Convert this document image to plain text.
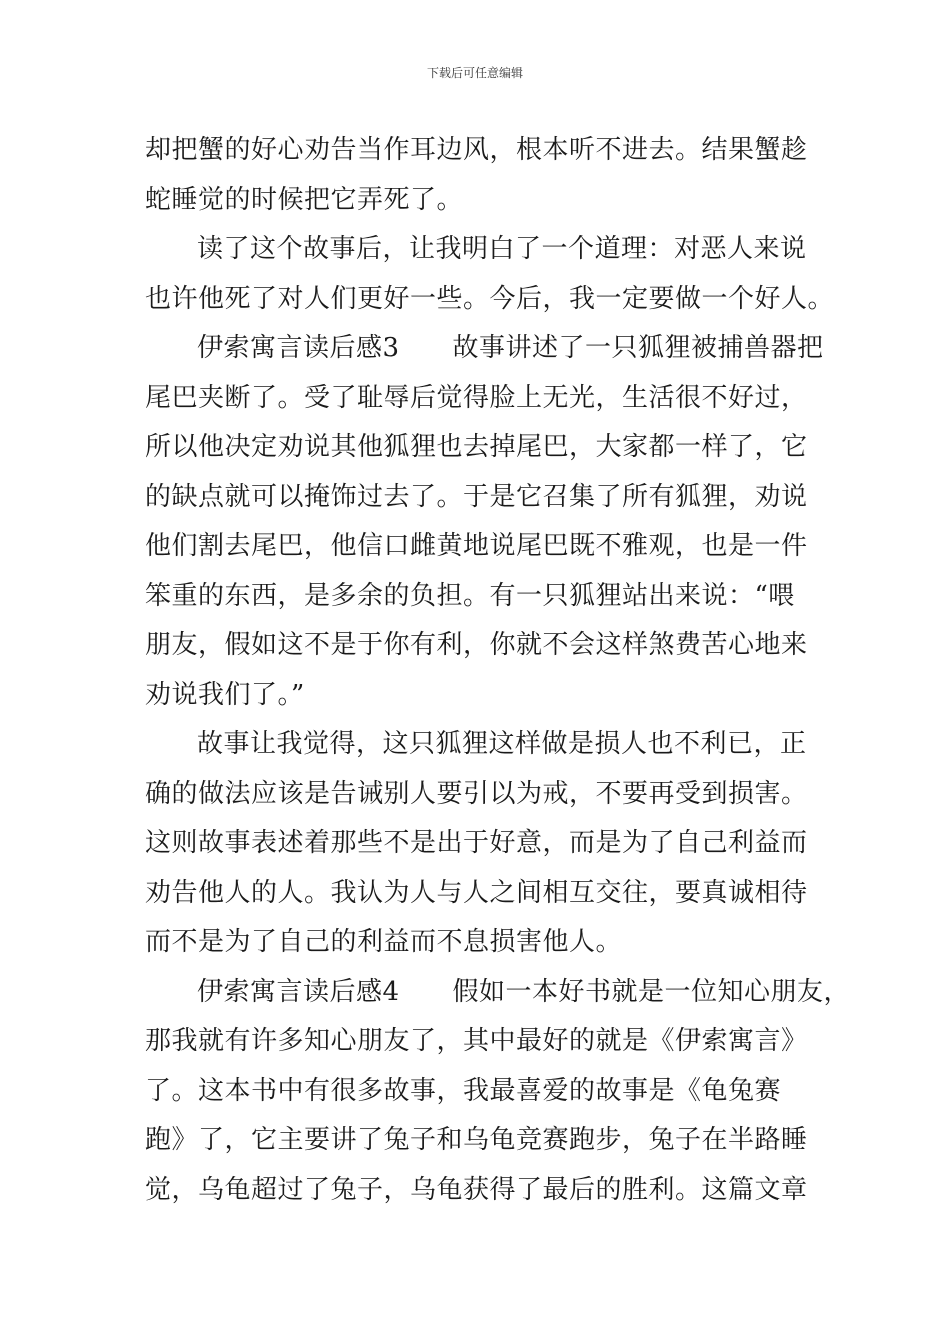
下载后可任意编辑
却把蟹的好心劝告当作耳边风，根本听不进去。结果蟹趁
蛇睡觉的时候把它弄死了。
读了这个故事后，让我明白了一个道理：对恶人来说
也许他死了对人们更好一些。今后，我一定要做一个好人。
伊索寓言读后感3　　故事讲述了一只狐狸被捕兽器把
尾巴夹断了。受了耻辱后觉得脸上无光，生活很不好过，
所以他决定劝说其他狐狸也去掉尾巴，大家都一样了，它
的缺点就可以掩饰过去了。于是它召集了所有狐狸，劝说
他们割去尾巴，他信口雌黄地说尾巴既不雅观，也是一件
笨重的东西，是多余的负担。有一只狐狸站出来说：“喂
朋友，假如这不是于你有利，你就不会这样煞费苦心地来
劝说我们了。”
故事让我觉得，这只狐狸这样做是损人也不利已，正
确的做法应该是告诫别人要引以为戒，不要再受到损害。
这则故事表述着那些不是出于好意，而是为了自己利益而
劝告他人的人。我认为人与人之间相互交往，要真诚相待
而不是为了自己的利益而不息损害他人。
伊索寓言读后感4　　假如一本好书就是一位知心朋友，
那我就有许多知心朋友了，其中最好的就是《伊索寓言》
了。这本书中有很多故事，我最喜爱的故事是《龟兔赛
跑》了，它主要讲了兔子和乌龟竞赛跑步，兔子在半路睡
觉，乌龟超过了兔子，乌龟获得了最后的胜利。这篇文章
